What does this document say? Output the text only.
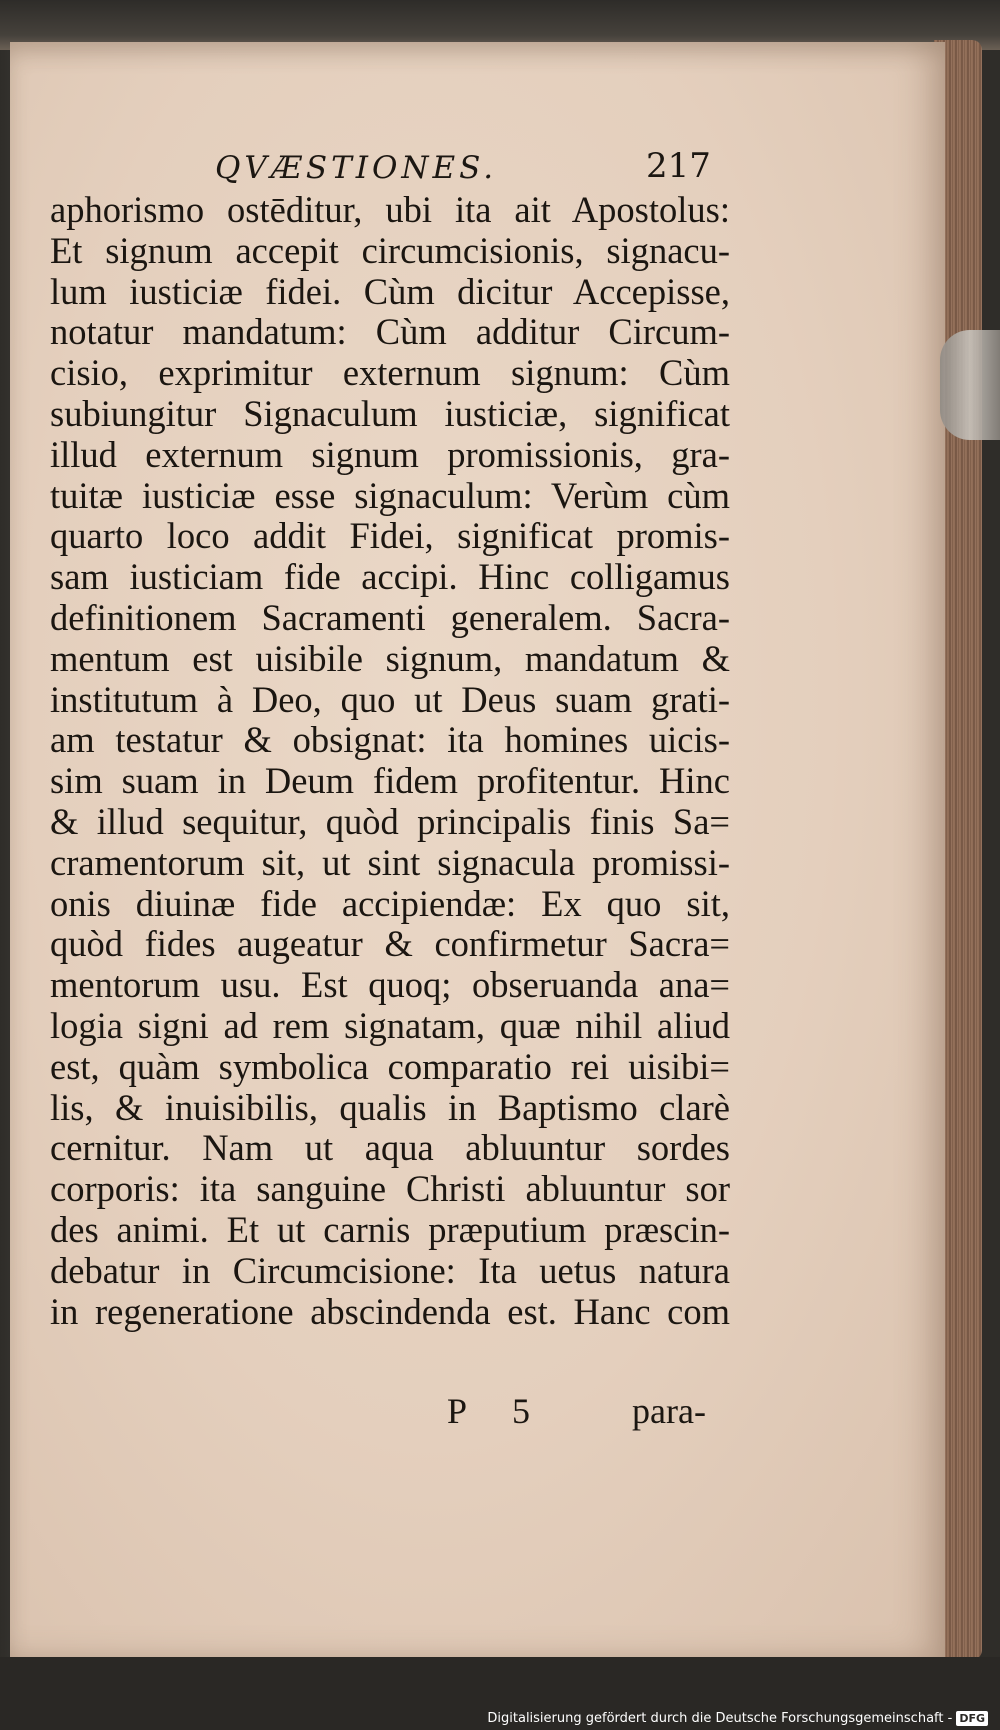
QVÆSTIONES.	217
aphorismo ostēditur, ubi ita ait Apostolus:
Et signum accepit circumcisionis, signacu-
lum iusticiæ fidei. Cùm dicitur Accepisse,
notatur mandatum: Cùm additur Circum-
cisio, exprimitur externum signum: Cùm
subiungitur Signaculum iusticiæ, significat
illud externum signum promissionis, gra-
tuitæ iusticiæ esse signaculum: Verùm cùm
quarto loco addit Fidei, significat promis-
sam iusticiam fide accipi. Hinc colligamus
definitionem Sacramenti generalem. Sacra-
mentum est uisibile signum, mandatum &
institutum à Deo, quo ut Deus suam grati-
am testatur & obsignat: ita homines uicis-
sim suam in Deum fidem profitentur. Hinc
& illud sequitur, quòd principalis finis Sa=
cramentorum sit, ut sint signacula promissi-
onis diuinæ fide accipiendæ: Ex quo sit,
quòd fides augeatur & confirmetur Sacra=
mentorum usu. Est quoq; obseruanda ana=
logia signi ad rem signatam, quæ nihil aliud
est, quàm symbolica comparatio rei uisibi=
lis, & inuisibilis, qualis in Baptismo clarè
cernitur. Nam ut aqua abluuntur sordes
corporis: ita sanguine Christi abluuntur sor
des animi. Et ut carnis præputium præscin-
debatur in Circumcisione: Ita uetus natura
in regeneratione abscindenda est. Hanc com
P 5	para-
Digitalisierung gefördert durch die Deutsche Forschungsgemeinschaft - DFG
